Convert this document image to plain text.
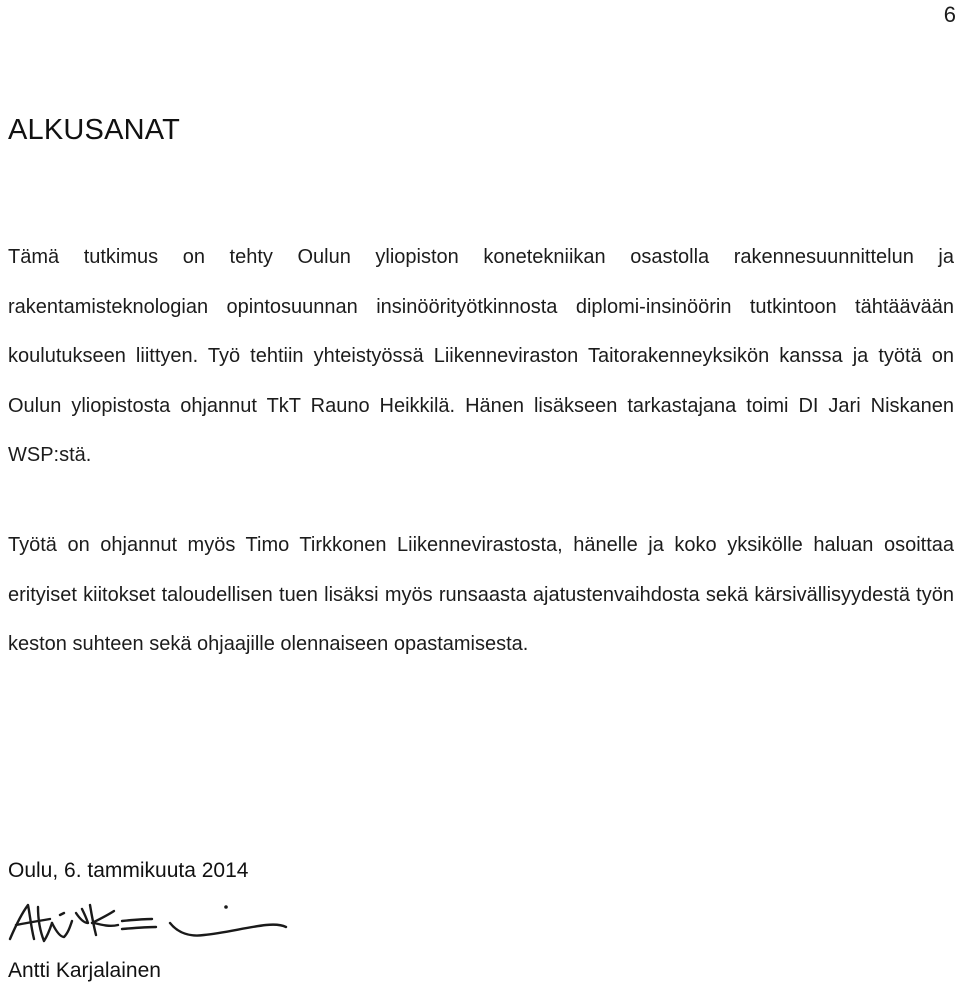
6
ALKUSANAT

Tämä tutkimus on tehty Oulun yliopiston konetekniikan osastolla rakennesuunnittelun ja rakentamisteknologian opintosuunnan insinöörityötkinnosta diplomi-insinöörin tutkintoon tähtäävään koulutukseen liittyen. Työ tehtiin yhteistyössä Liikenneviraston Taitorakenneyksikön kanssa ja työtä on Oulun yliopistosta ohjannut TkT Rauno Heikkilä. Hänen lisäkseen tarkastajana toimi DI Jari Niskanen WSP:stä.

Työtä on ohjannut myös Timo Tirkkonen Liikennevirastosta, hänelle ja koko yksikölle haluan osoittaa erityiset kiitokset taloudellisen tuen lisäksi myös runsaasta ajatustenvaihdosta sekä kärsivällisyydestä työn keston suhteen sekä ohjaajille olennaiseen opastamisesta.

Oulu, 6. tammikuuta 2014
Antti Karjalainen
